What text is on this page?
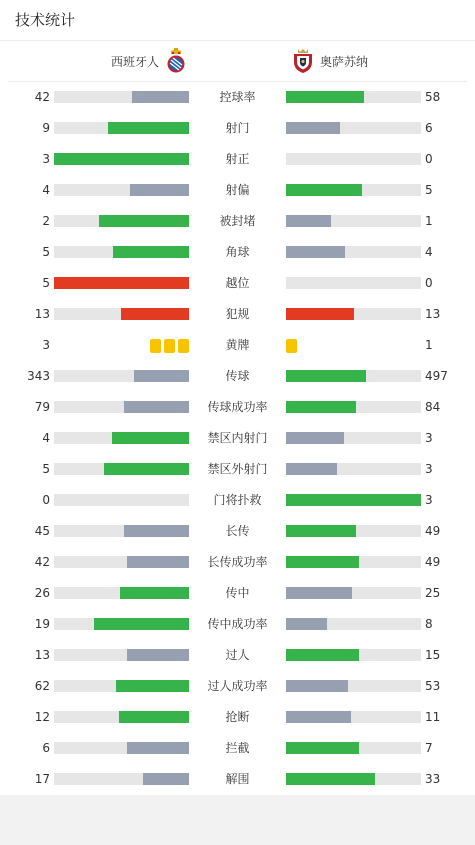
技术统计
西班牙人	奥萨苏纳
42	控球率	58
9	射门	6
3	射正	0
4	射偏	5
2	被封堵	1
5	角球	4
5	越位	0
13	犯规	13
3	黄牌	1
343	传球	497
79	传球成功率	84
4	禁区内射门	3
5	禁区外射门	3
0	门将扑救	3
45	长传	49
42	长传成功率	49
26	传中	25
19	传中成功率	8
13	过人	15
62	过人成功率	53
12	抢断	11
6	拦截	7
17	解围	33
